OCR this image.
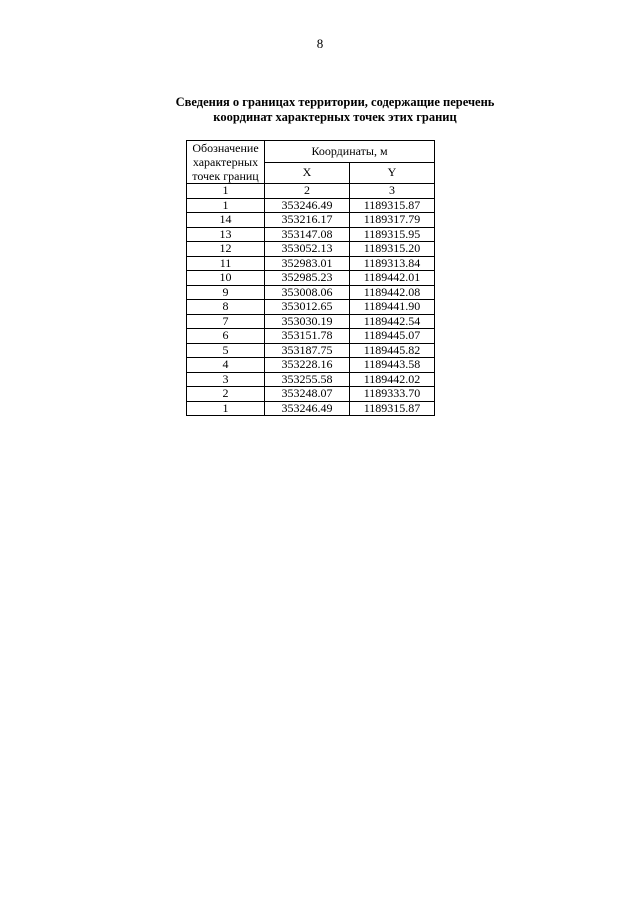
8
Сведения о границах территории, содержащие перечень
координат характерных точек этих границ
Обозначение
характерных
точек границ	Координаты, м	
	X	Y
1	2	3
1	353246.49	1189315.87
14	353216.17	1189317.79
13	353147.08	1189315.95
12	353052.13	1189315.20
11	352983.01	1189313.84
10	352985.23	1189442.01
9	353008.06	1189442.08
8	353012.65	1189441.90
7	353030.19	1189442.54
6	353151.78	1189445.07
5	353187.75	1189445.82
4	353228.16	1189443.58
3	353255.58	1189442.02
2	353248.07	1189333.70
1	353246.49	1189315.87
